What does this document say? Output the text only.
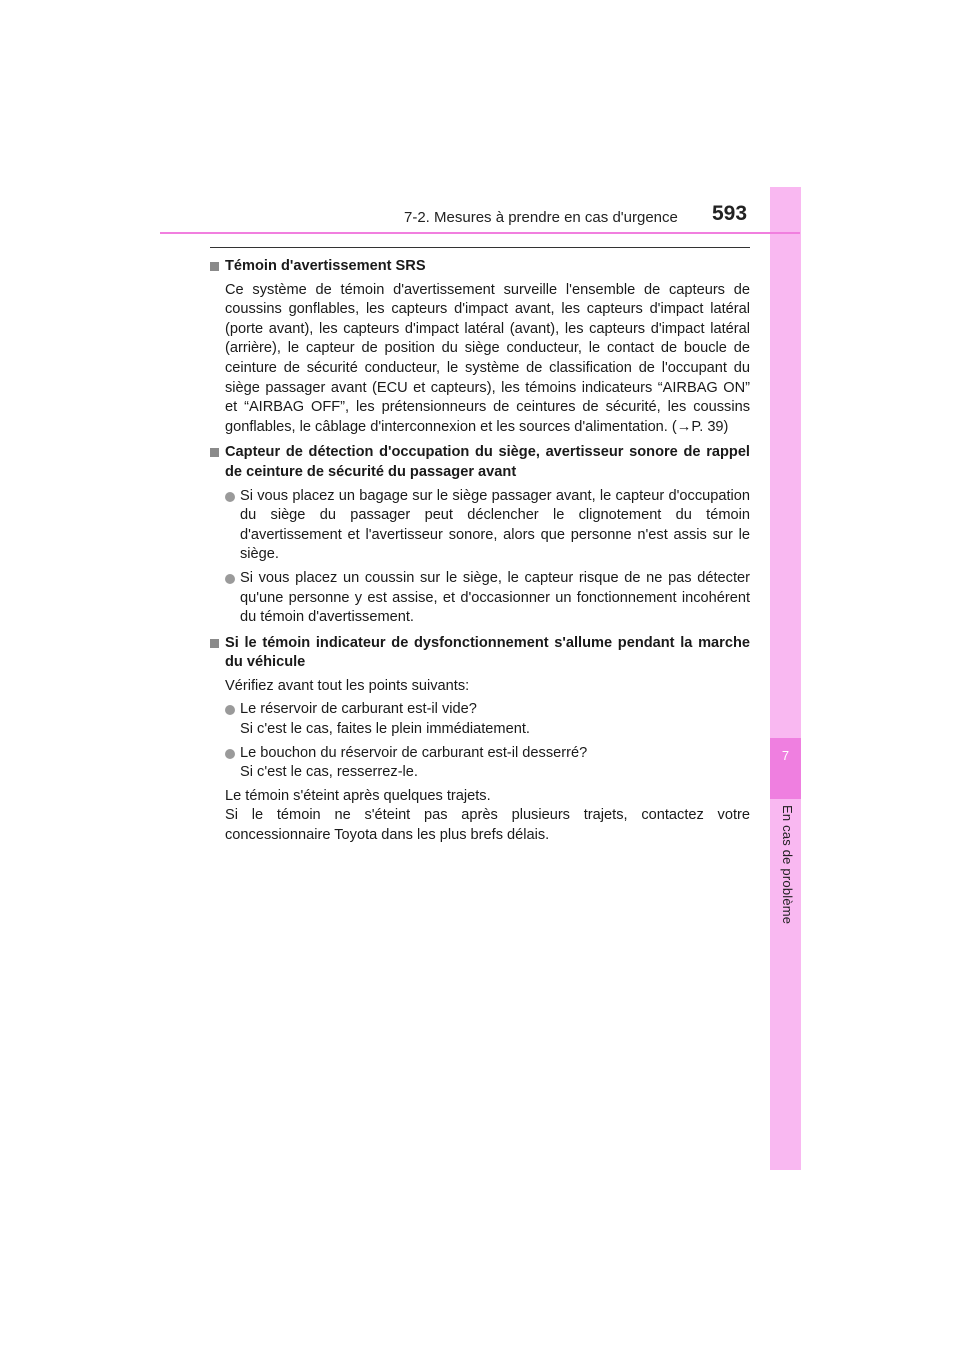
7
En cas de problème
7-2. Mesures à prendre en cas d'urgence 593

Témoin d'avertissement SRS

Ce système de témoin d'avertissement surveille l'ensemble de capteurs de coussins gonflables, les capteurs d'impact avant, les capteurs d'impact latéral (porte avant), les capteurs d'impact latéral (avant), les capteurs d'impact latéral (arrière), le capteur de position du siège conducteur, le contact de boucle de ceinture de sécurité conducteur, le système de classification de l'occupant du siège passager avant (ECU et capteurs), les témoins indicateurs “AIRBAG ON” et “AIRBAG OFF”, les prétensionneurs de ceintures de sécurité, les coussins gonflables, le câblage d'interconnexion et les sources d'alimentation. (→P. 39)

Capteur de détection d'occupation du siège, avertisseur sonore de rappel de ceinture de sécurité du passager avant

Si vous placez un bagage sur le siège passager avant, le capteur d'occupation du siège du passager peut déclencher le clignotement du témoin d'avertissement et l'avertisseur sonore, alors que personne n'est assis sur le siège.
Si vous placez un coussin sur le siège, le capteur risque de ne pas détecter qu'une personne y est assise, et d'occasionner un fonctionnement incohérent du témoin d'avertissement.

Si le témoin indicateur de dysfonctionnement s'allume pendant la marche du véhicule

Vérifiez avant tout les points suivants:

Le réservoir de carburant est-il vide?
Si c'est le cas, faites le plein immédiatement.
Le bouchon du réservoir de carburant est-il desserré?
Si c'est le cas, resserrez-le.

Le témoin s'éteint après quelques trajets.
Si le témoin ne s'éteint pas après plusieurs trajets, contactez votre concessionnaire Toyota dans les plus brefs délais.
